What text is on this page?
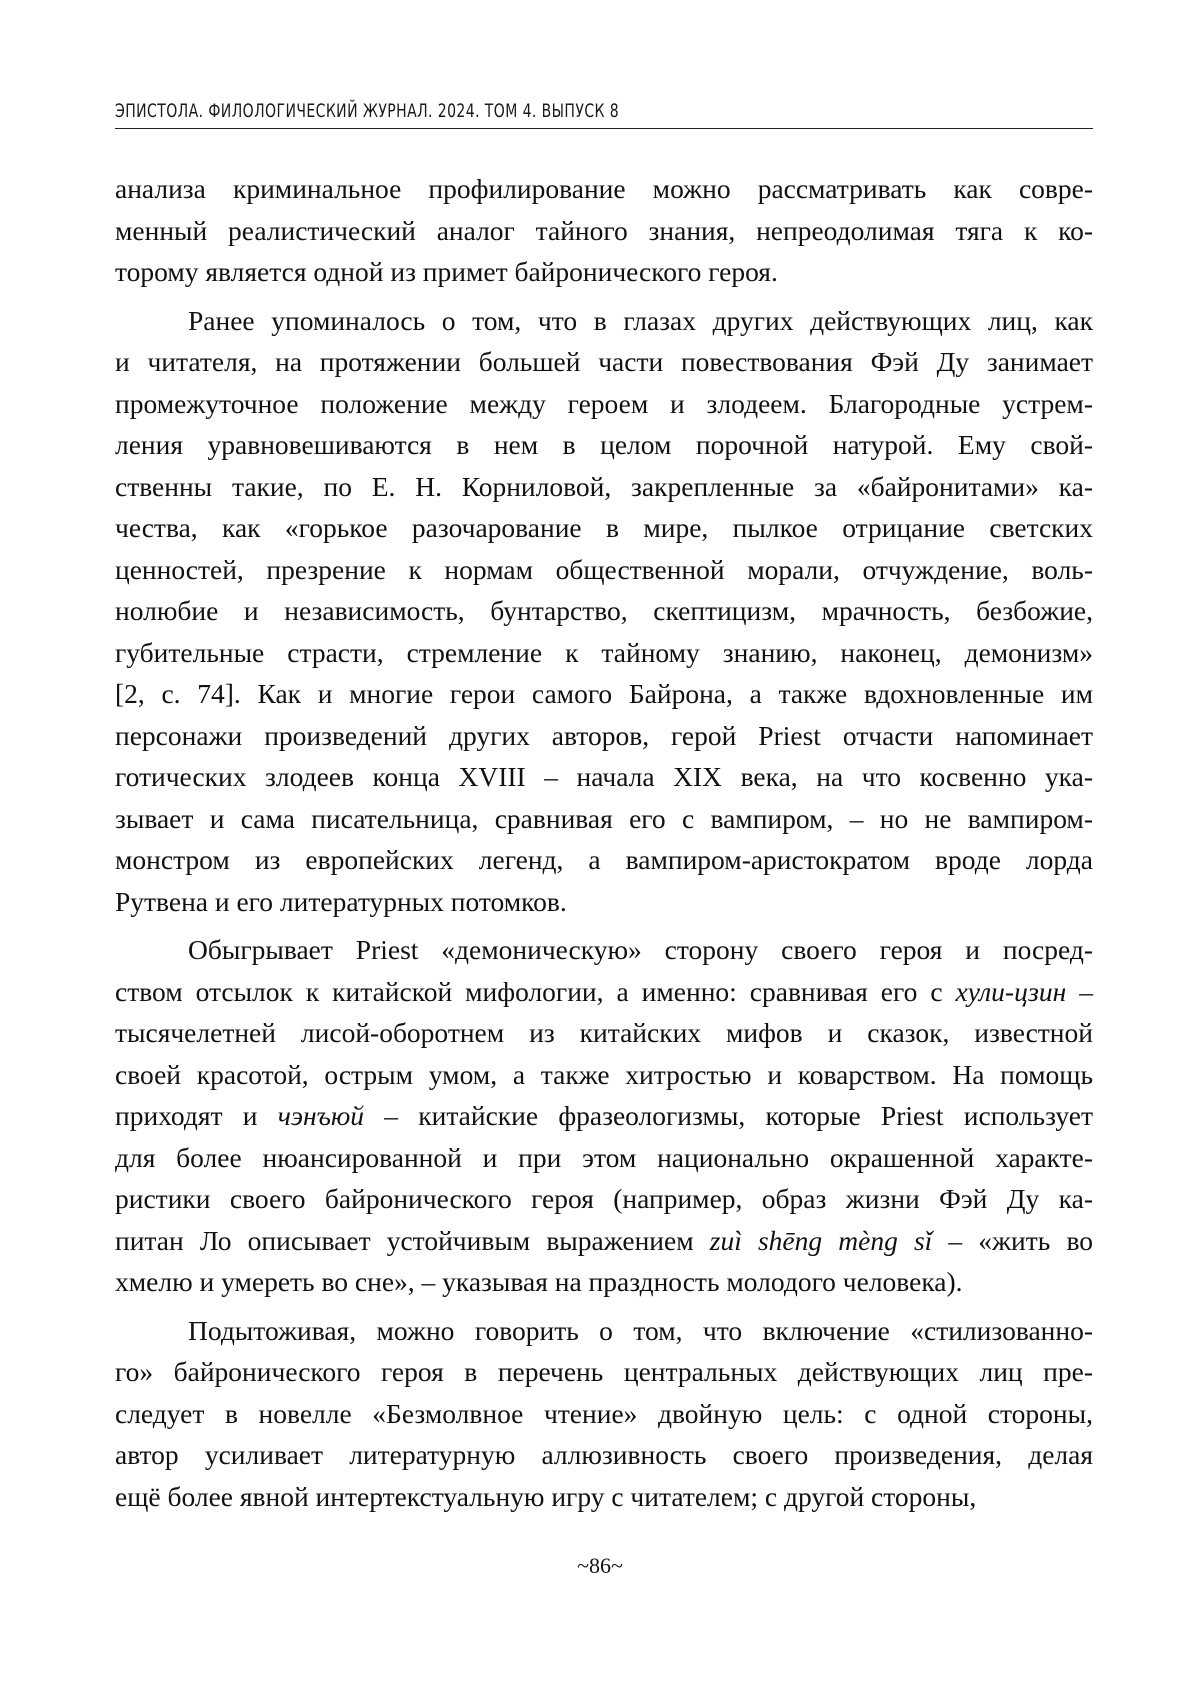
ЭПИСТОЛА. ФИЛОЛОГИЧЕСКИЙ ЖУРНАЛ. 2024. ТОМ 4. ВЫПУСК 8
анализа криминальное профилирование можно рассматривать как совре-
менный реалистический аналог тайного знания, непреодолимая тяга к ко-
торому является одной из примет байронического героя.
Ранее упоминалось о том, что в глазах других действующих лиц, как
и читателя, на протяжении большей части повествования Фэй Ду занимает
промежуточное положение между героем и злодеем. Благородные устрем-
ления уравновешиваются в нем в целом порочной натурой. Ему свой-
ственны такие, по Е. Н. Корниловой, закрепленные за «байронитами» ка-
чества, как «горькое разочарование в мире, пылкое отрицание светских
ценностей, презрение к нормам общественной морали, отчуждение, воль-
нолюбие и независимость, бунтарство, скептицизм, мрачность, безбожие,
губительные страсти, стремление к тайному знанию, наконец, демонизм»
[2, с. 74]. Как и многие герои самого Байрона, а также вдохновленные им
персонажи произведений других авторов, герой Priest отчасти напоминает
готических злодеев конца XVIII – начала XIX века, на что косвенно ука-
зывает и сама писательница, сравнивая его с вампиром, – но не вампиром-
монстром из европейских легенд, а вампиром-аристократом вроде лорда
Рутвена и его литературных потомков.
Обыгрывает Priest «демоническую» сторону своего героя и посред-
ством отсылок к китайской мифологии, а именно: сравнивая его с хули-цзин –
тысячелетней лисой-оборотнем из китайских мифов и сказок, известной
своей красотой, острым умом, а также хитростью и коварством. На помощь
приходят и чэнъюй – китайские фразеологизмы, которые Priest использует
для более нюансированной и при этом национально окрашенной характе-
ристики своего байронического героя (например, образ жизни Фэй Ду ка-
питан Ло описывает устойчивым выражением zuì shēng mèng sǐ – «жить во
хмелю и умереть во сне», – указывая на праздность молодого человека).
Подытоживая, можно говорить о том, что включение «стилизованно-
го» байронического героя в перечень центральных действующих лиц пре-
следует в новелле «Безмолвное чтение» двойную цель: с одной стороны,
автор усиливает литературную аллюзивность своего произведения, делая
ещё более явной интертекстуальную игру с читателем; с другой стороны,
~86~
